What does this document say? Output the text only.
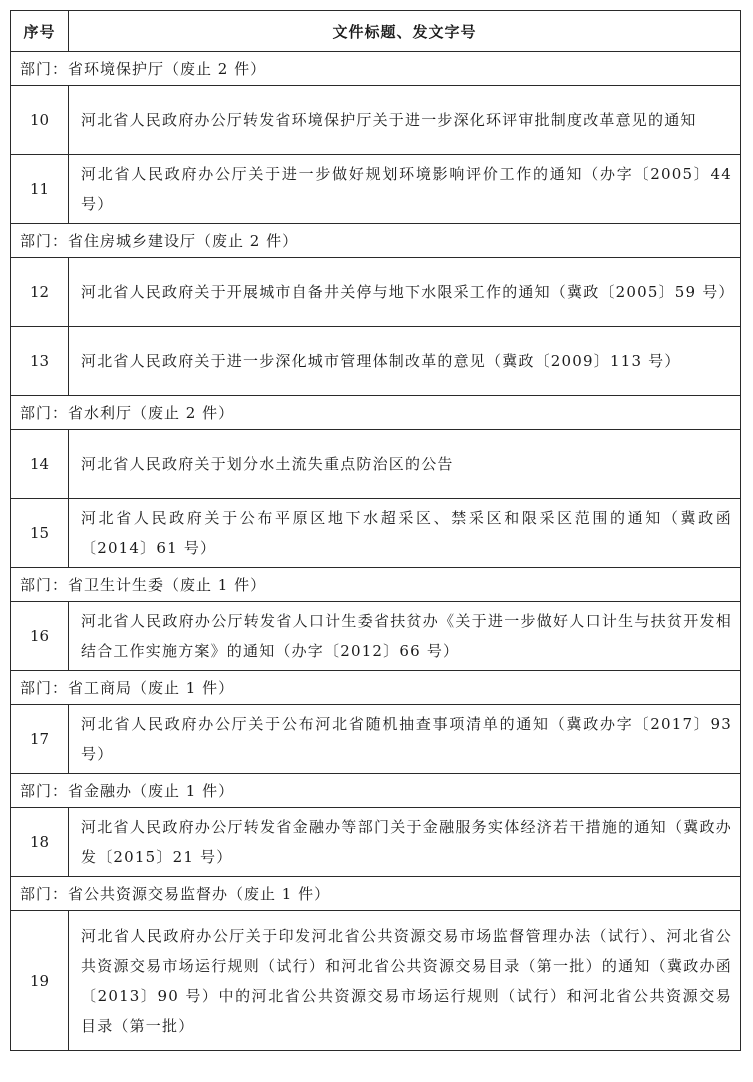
序号	文件标题、发文字号
部门：省环境保护厅（废止 2 件）	
10	河北省人民政府办公厅转发省环境保护厅关于进一步深化环评审批制度改革意见的通知
11	河北省人民政府办公厅关于进一步做好规划环境影响评价工作的通知（办字〔2005〕44 号）
部门：省住房城乡建设厅（废止 2 件）	
12	河北省人民政府关于开展城市自备井关停与地下水限采工作的通知（冀政〔2005〕59 号）
13	河北省人民政府关于进一步深化城市管理体制改革的意见（冀政〔2009〕113 号）
部门：省水利厅（废止 2 件）	
14	河北省人民政府关于划分水土流失重点防治区的公告
15	河北省人民政府关于公布平原区地下水超采区、禁采区和限采区范围的通知（冀政函〔2014〕61 号）
部门：省卫生计生委（废止 1 件）	
16	河北省人民政府办公厅转发省人口计生委省扶贫办《关于进一步做好人口计生与扶贫开发相结合工作实施方案》的通知（办字〔2012〕66 号）
部门：省工商局（废止 1 件）	
17	河北省人民政府办公厅关于公布河北省随机抽查事项清单的通知（冀政办字〔2017〕93 号）
部门：省金融办（废止 1 件）	
18	河北省人民政府办公厅转发省金融办等部门关于金融服务实体经济若干措施的通知（冀政办发〔2015〕21 号）
部门：省公共资源交易监督办（废止 1 件）	
19	河北省人民政府办公厅关于印发河北省公共资源交易市场监督管理办法（试行）、河北省公共资源交易市场运行规则（试行）和河北省公共资源交易目录（第一批）的通知（冀政办函〔2013〕90 号）中的河北省公共资源交易市场运行规则（试行）和河北省公共资源交易目录（第一批）
